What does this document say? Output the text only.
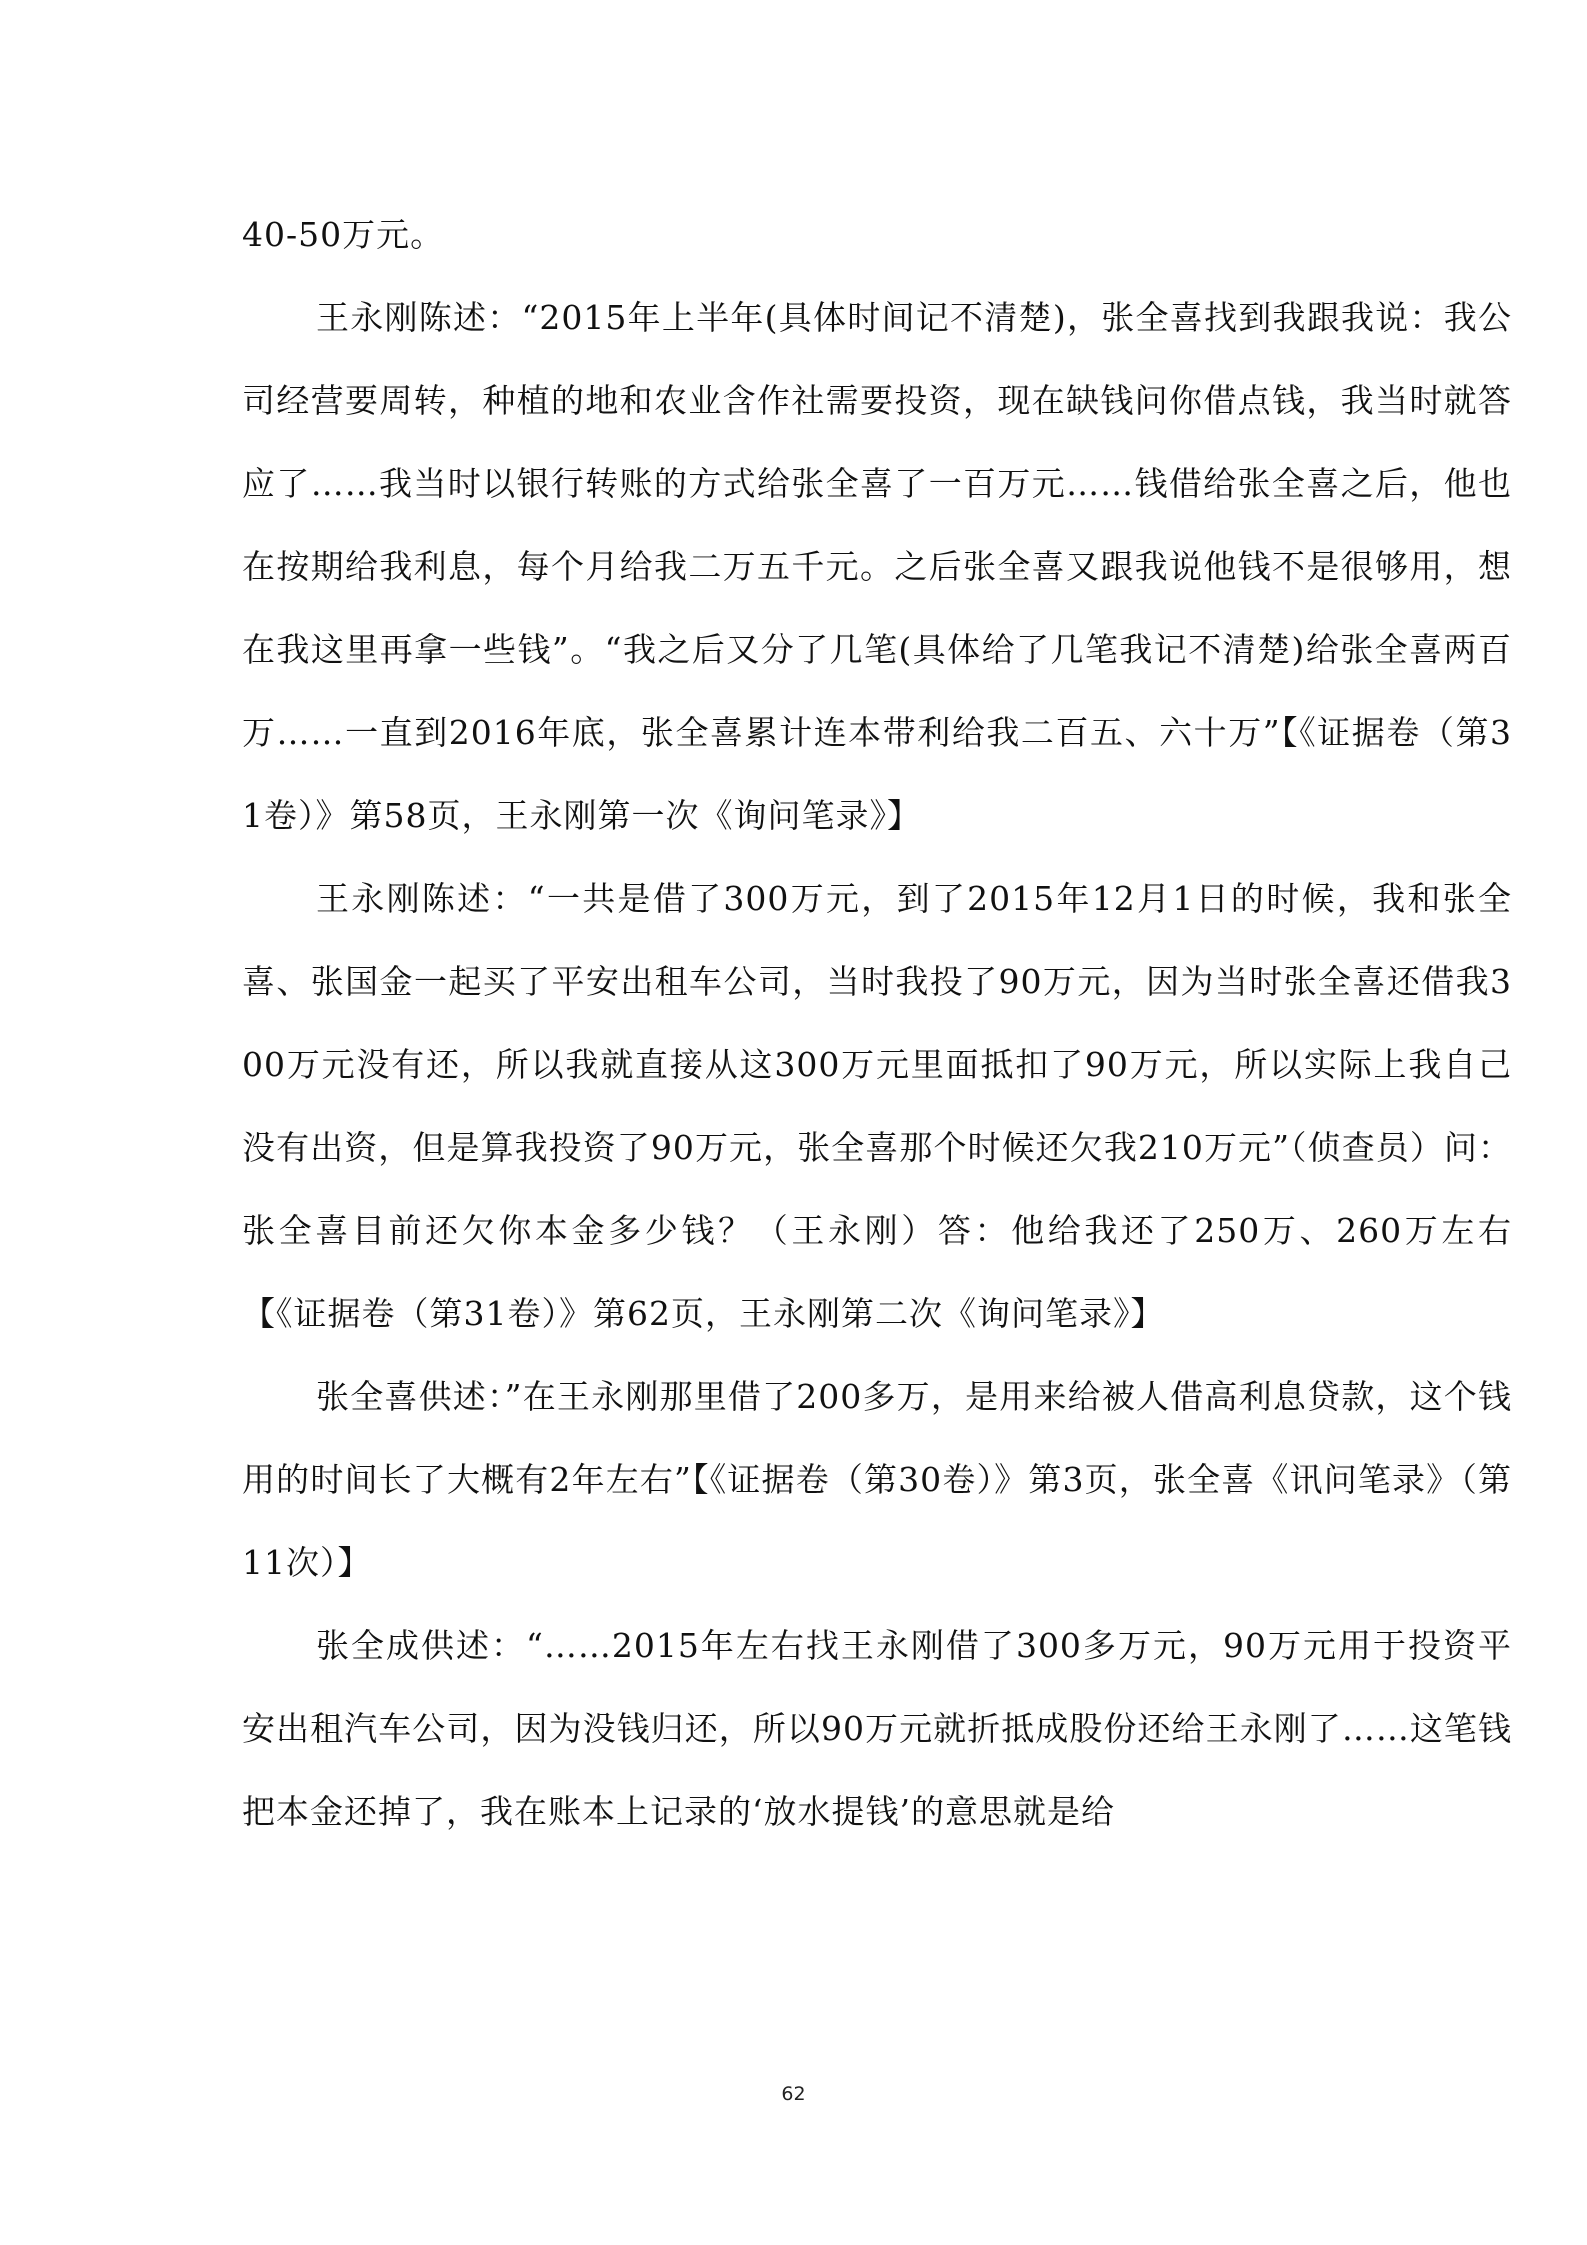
40-50万元。

王永刚陈述：“2015年上半年(具体时间记不清楚)，张全喜找到我跟我说：我公司经营要周转，种植的地和农业含作社需要投资，现在缺钱问你借点钱，我当时就答应了……我当时以银行转账的方式给张全喜了一百万元……钱借给张全喜之后，他也在按期给我利息，每个月给我二万五千元。之后张全喜又跟我说他钱不是很够用，想在我这里再拿一些钱”。“我之后又分了几笔(具体给了几笔我记不清楚)给张全喜两百万……一直到2016年底，张全喜累计连本带利给我二百五、六十万”【《证据卷（第31卷）》第58页，王永刚第一次《询问笔录》】

王永刚陈述：“一共是借了300万元，到了2015年12月1日的时候，我和张全喜、张国金一起买了平安出租车公司，当时我投了90万元，因为当时张全喜还借我300万元没有还，所以我就直接从这300万元里面抵扣了90万元，所以实际上我自己没有出资，但是算我投资了90万元，张全喜那个时候还欠我210万元”（侦查员）问：张全喜目前还欠你本金多少钱？（王永刚）答：他给我还了250万、260万左右【《证据卷（第31卷）》第62页，王永刚第二次《询问笔录》】

张全喜供述：”在王永刚那里借了200多万，是用来给被人借高利息贷款，这个钱用的时间长了大概有2年左右”【《证据卷（第30卷）》第3页，张全喜《讯问笔录》（第11次）】

张全成供述：“……2015年左右找王永刚借了300多万元，90万元用于投资平安出租汽车公司，因为没钱归还，所以90万元就折抵成股份还给王永刚了……这笔钱把本金还掉了，我在账本上记录的‘放水提钱’的意思就是给

62
